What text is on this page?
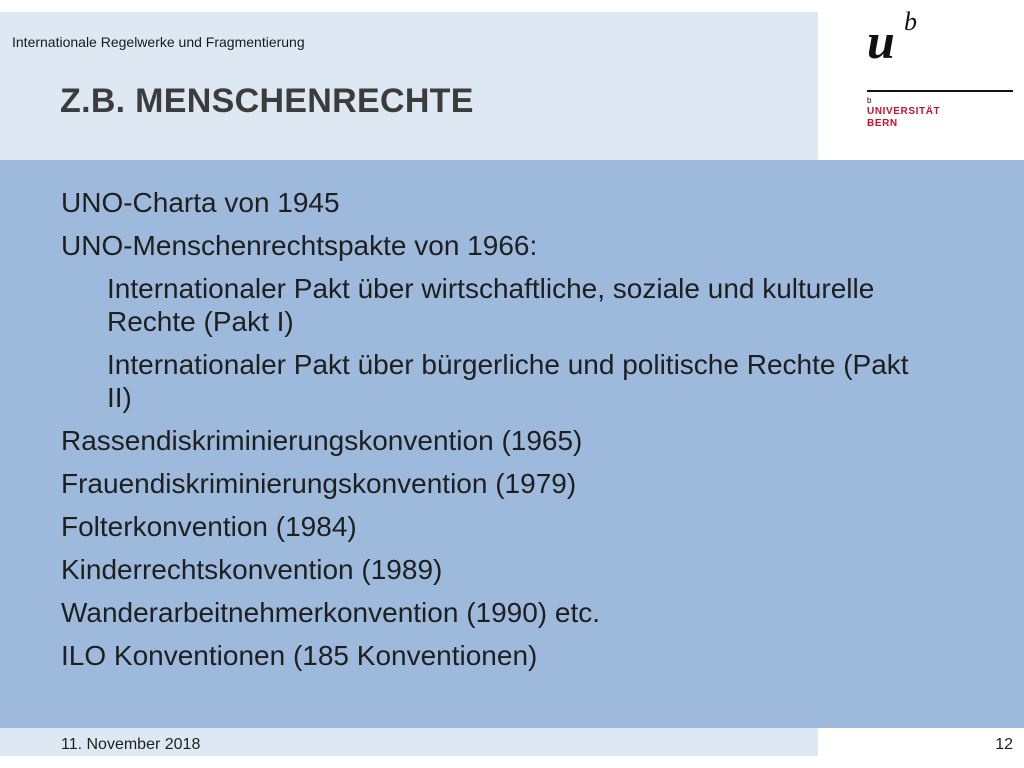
Internationale Regelwerke und Fragmentierung
Z.B. MENSCHENRECHTE
u b
b
UNIVERSITÄT
BERN
UNO-Charta von 1945
UNO-Menschenrechtspakte von 1966:
Internationaler Pakt über wirtschaftliche, soziale und kulturelle Rechte (Pakt I)
Internationaler Pakt über bürgerliche und politische Rechte (Pakt II)
Rassendiskriminierungskonvention (1965)
Frauendiskriminierungskonvention (1979)
Folterkonvention (1984)
Kinderrechtskonvention (1989)
Wanderarbeitnehmerkonvention (1990) etc.
ILO Konventionen (185 Konventionen)
11. November 2018	12
